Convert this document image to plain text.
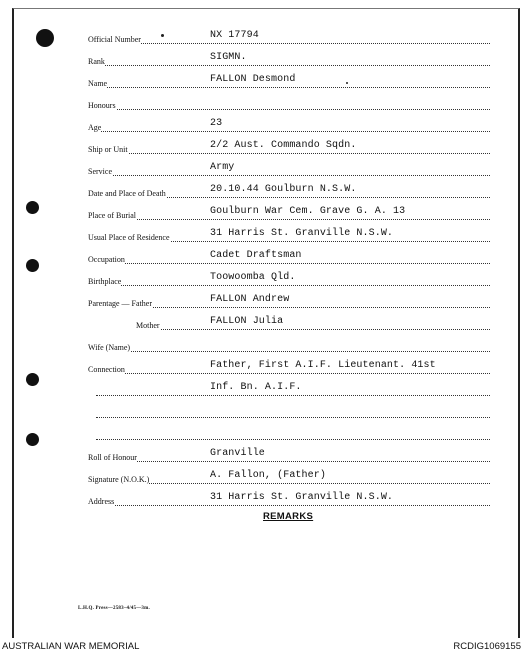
Official Number	NX 17794
Rank	SIGMN.
Name	FALLON Desmond
Honours
Age	23
Ship or Unit	2/2 Aust. Commando Sqdn.
Service	Army
Date and Place of Death	20.10.44 Goulburn N.S.W.
Place of Burial	Goulburn War Cem. Grave G. A. 13
Usual Place of Residence	31 Harris St. Granville N.S.W.
Occupation	Cadet Draftsman
Birthplace	Toowoomba Qld.
Parentage — Father	FALLON Andrew
Mother	FALLON Julia
Wife (Name)
Connection	Father, First A.I.F. Lieutenant. 41st
Inf. Bn. A.I.F.
Roll of Honour	Granville
Signature (N.O.K.)	A. Fallon, (Father)
Address	31 Harris St. Granville N.S.W.
REMARKS
L.H.Q. Press—2583–4/45—3m.
AUSTRALIAN WAR MEMORIAL	RCDIG1069155
